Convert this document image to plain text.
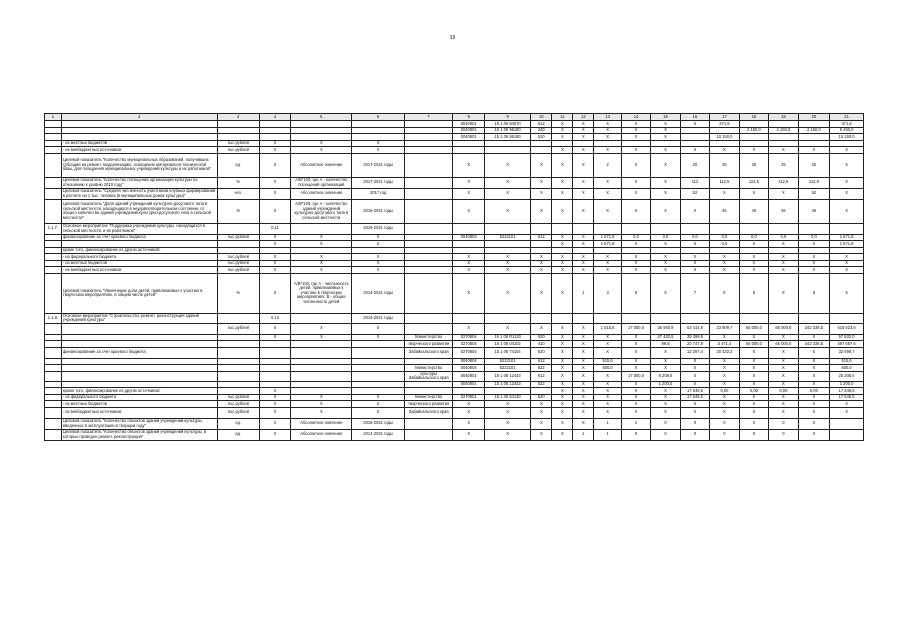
19
1	2	3	4	5	6	7	8	9	10	11	12	13	14	15	16	17	18	19	20	21
							0040801	15 1 06 94070	612	X	X	X	X	X	X	371,8				371,8
							0040801	15 1 06 95190	240	X	X	X	X	X			2 150,0	2 150,0	2 150,0	6 450,0
							0040801	15 1 06 95190	520	X	X	X	X	X		10 150,0				10 150,0
	- из местных бюджетов	тыс.рублей	X	X	X															
	- из внебюджетных источников	тыс.рублей	X	X	X					X	X	X	X	X	X	X	X	X	X	X
	Целевой показатель "Количество муниципальных образований, получивших субсидии на ремонт, модернизацию, оснащение материально-технической базы, для поощрения муниципальных учреждений культуры и их работников"	ед.	X	Абсолютное значение	2017-2021 годы		X	X	X	X	X	2	X	X	20	25	25	25	25	X
	Целевой показатель "Количество посещений организаций культуры по отношению к уровню 2010 году"	%	X	А/В*100, где А - количество посещений организаций	2017-2021 годы		X	X	X	X	X	X	X	X	112	112,5	112,5	112,5	112,5	X
	Целевой показатель "Средняя численность участников клубных формирований в расчете на 1 тыс. человек (в муниципальных домах культуры)"	чел.	X	Абсолютное значение	2017 год		X	X	X	X	X	X	X	X	52	X	X	X	52	X
	Целевой показатель "Доля зданий учреждений культурно-досугового типа в сельской местности, находящихся в неудовлетворительном состоянии, от общего количества зданий учреждений культурно-досугового типа в сельской местности"	%	X	А/В*100, где А - количество зданий учреждений культурно-досугового типа в сельской местности	2018-2021 годы		X	X	X	X	X	X	X	X	X	46	46	46	46	X
1.1.7.	Основное мероприятие "Поддержка учреждений культуры, находящихся в сельской местности, и их работников"		0,11		2018-2021 годы															
	финансирование за счет краевого бюджета	тыс.рублей	X	X	X		0040804	5222101	612	X	X	1 671,8	0,0	0,0	0,0	0,0	0,0	0,0	0,0	1 671,8
			X	X	X					X	X	1 671,8	X	X	X	0,0	X	X	X	1 671,8
	кроме того, финансирование из других источников:																			
	- из федерального бюджета	тыс.рублей	X	X	X		X	X	X	X	X	X	X	X	X	X	X	X	X	X
	- из местных бюджетов	тыс.рублей	X	X	X		X	X	X	X	X	X	X	X	X	X	X	X	X	X
	- из внебюджетных источников	тыс.рублей	X	X	X		X	X	X	X	X	X	X	X	X	X	X	X	X	X
	Целевой показатель "Увеличение доли детей, привлекаемых к участию в творческих мероприятиях, в общем числе детей"	%	X	А/В*100, где А - численность детей, привлекаемых к участию в творческих мероприятиях; В - общая численность детей	2014-2021 годы		X	X	X	X	1	3	5	6	7	8	8	8	9	X
1.1.8.	Основное мероприятие "Строительство, ремонт, реконструкция зданий учреждений культуры"		0,12		2014-2021 годы															
		тыс.рублей	X	X	X		X	X	X	X	X	1 015,6	17 000,0	36 940,9	63 414,8	23 909,7	65 000,0	66 000,0	342 338,5	615 623,5
			X	X	X	Министерство	0270804	15 1 08 R1120	520	X	X	X	X	27 432,5	39 399,5	X	X	X	X	57 832,0
						творческого развития	0270804	15 1 08 04102	410	X	X	X	X	99,8	20 747,9	3 471,4	65 000,0	66 000,0	342 338,5	497 657,6
	финансирование за счет краевого бюджета					Забайкальского края	0270804	15 1 08 74104	520	X	X	X	X	X	12 267,4	20 432,3	X	X	X	32 699,7
							0040804	5222101	612	X	X	515,6	X	X	X	X	X	X	X	515,6
						Министерство	0040804	5222101	622	X	X	500,0	X	X	X	X	X	X	X	500,0
						культуры Забайкальского края	0040801	15 1 08 12443	612	X	X	X	17 000,0	8 208,6	X	X	X	X	X	25 208,6
							0040801	15 1 08 12443	622	X	X	X	X	1 200,0	X	X	X	X	X	1 200,0
	кроме того, финансирование из других источников:		X							X	X	X	X	X	17 646,5	0,00	0,00	0,00	0,00	17 646,5
	- из федерального бюджета	тыс.рублей	X	X	X	Министерство	0270801	15 1 08 54130	520	X	X	X	X	X	17 646,5	X	X	X	X	17 646,5
	- из местных бюджетов	тыс.рублей	X	X	X	творческого развития	X	X	X	X	X	X	X	X	X	X	X	X	X	X
	- из внебюджетных источников	тыс.рублей	X	X	X	Забайкальского края	X	X	X	X	X	X	X	X	X	X	X	X	X	X
	Целевой показатель "Количество объектов зданий учреждений культуры, введенных в эксплуатацию в текущем году"	ед.	X	Абсолютное значение	2016-2021 годы		X	X	X	X	X	1	1	0	0	0	0	0	X	
	Целевой показатель "Количество объектов зданий учреждений культуры, в которых проведен ремонт, реконструкция"	ед.	X	Абсолютное значение	2014-2021 годы		X	X	X	X	1	1	0	0	0	0	0	0	X	
